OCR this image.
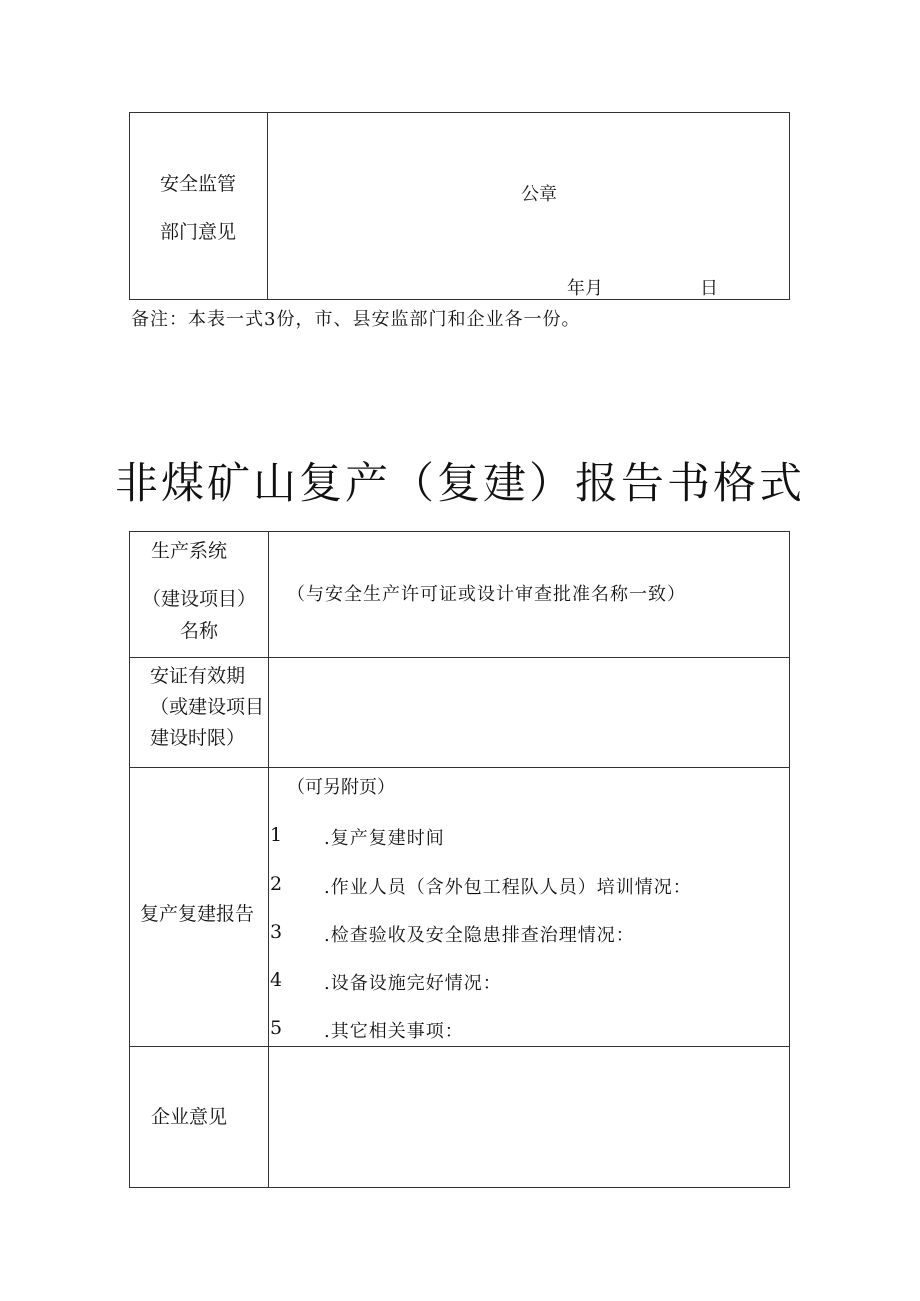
安全监管
部门意见
公章
年月	日
备注：本表一式3份，市、县安监部门和企业各一份。
非煤矿山复产（复建）报告书格式
生产系统
（建设项目）
名称
（与安全生产许可证或设计审查批准名称一致）
安证有效期
（或建设项目
建设时限）
复产复建报告
（可另附页）
1 .复产复建时间
2 .作业人员（含外包工程队人员）培训情况：
3 .检查验收及安全隐患排查治理情况：
4 .设备设施完好情况：
5 .其它相关事项：
企业意见
